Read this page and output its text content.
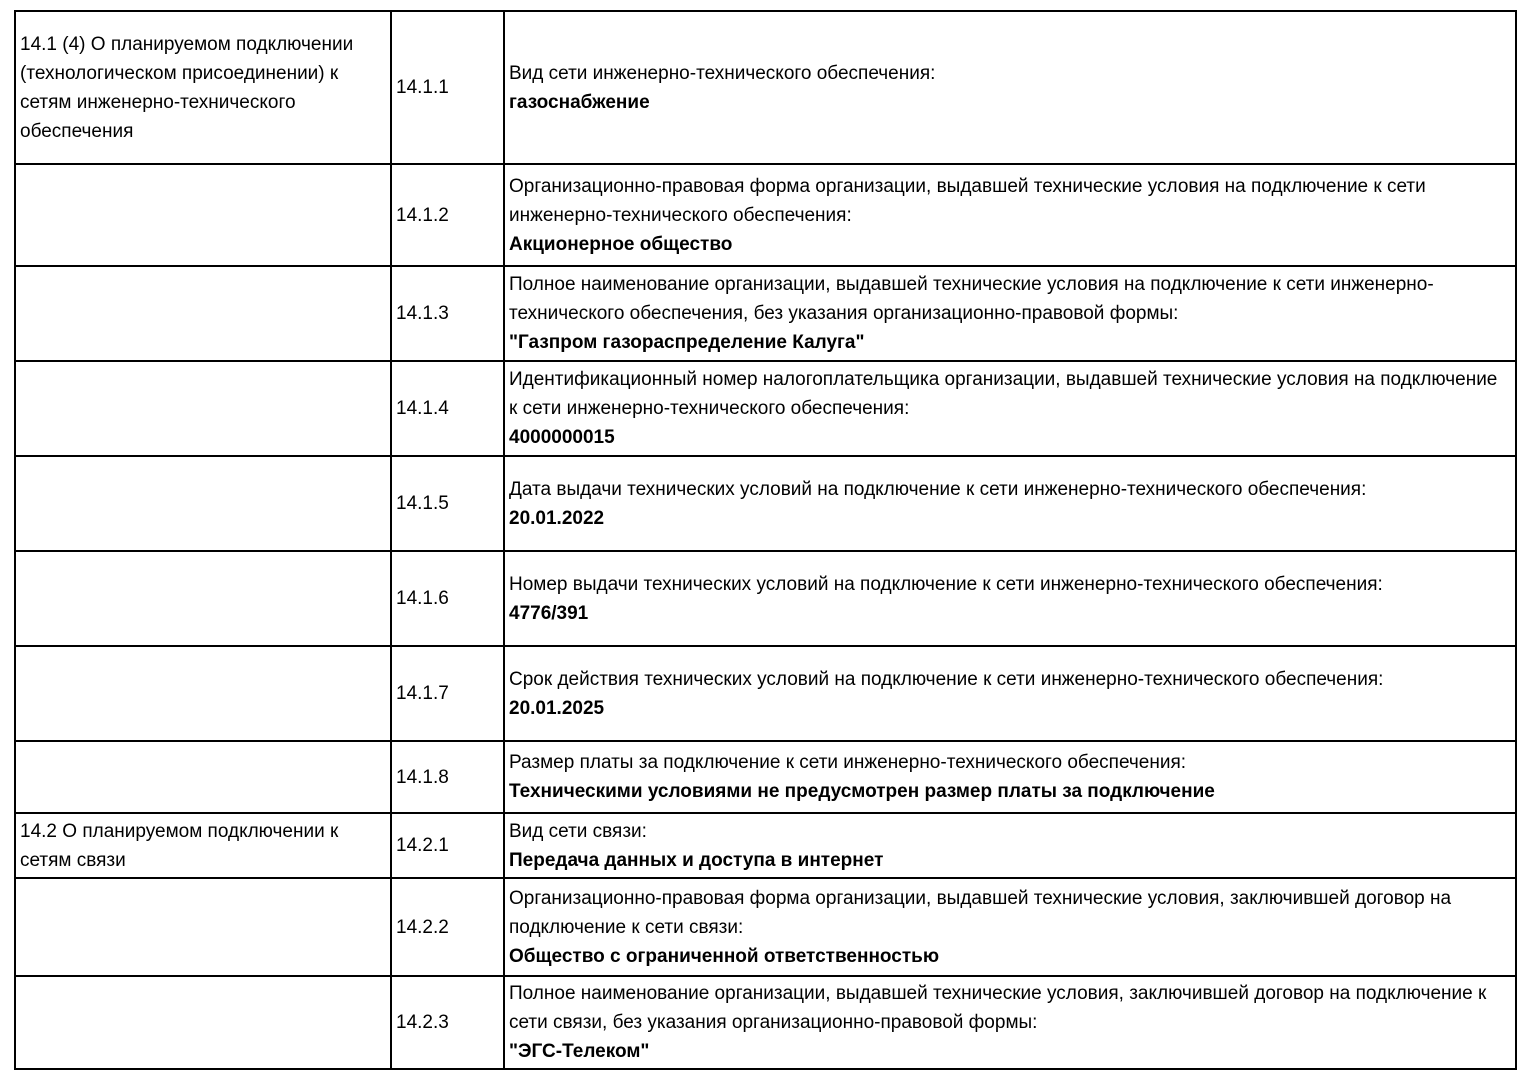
14.1 (4) О планируемом подключении (технологическом присоединении) к сетям инженерно-технического обеспечения	14.1.1	Вид сети инженерно-технического обеспечения:
газоснабжение

	14.1.2	Организационно-правовая форма организации, выдавшей технические условия на подключение к сети инженерно-технического обеспечения:
Акционерное общество

	14.1.3	Полное наименование организации, выдавшей технические условия на подключение к сети инженерно-технического обеспечения, без указания организационно-правовой формы:
"Газпром газораспределение Калуга"

	14.1.4	Идентификационный номер налогоплательщика организации, выдавшей технические условия на подключение к сети инженерно-технического обеспечения:
4000000015

	14.1.5	Дата выдачи технических условий на подключение к сети инженерно-технического обеспечения:
20.01.2022

	14.1.6	Номер выдачи технических условий на подключение к сети инженерно-технического обеспечения:
4776/391

	14.1.7	Срок действия технических условий на подключение к сети инженерно-технического обеспечения:
20.01.2025

	14.1.8	Размер платы за подключение к сети инженерно-технического обеспечения:
Техническими условиями не предусмотрен размер платы за подключение

14.2 О планируемом подключении к сетям связи	14.2.1	Вид сети связи:
Передача данных и доступа в интернет

	14.2.2	Организационно-правовая форма организации, выдавшей технические условия, заключившей договор на подключение к сети связи:
Общество с ограниченной ответственностью

	14.2.3	Полное наименование организации, выдавшей технические условия, заключившей договор на подключение к сети связи, без указания организационно-правовой формы:
"ЭГС-Телеком"
